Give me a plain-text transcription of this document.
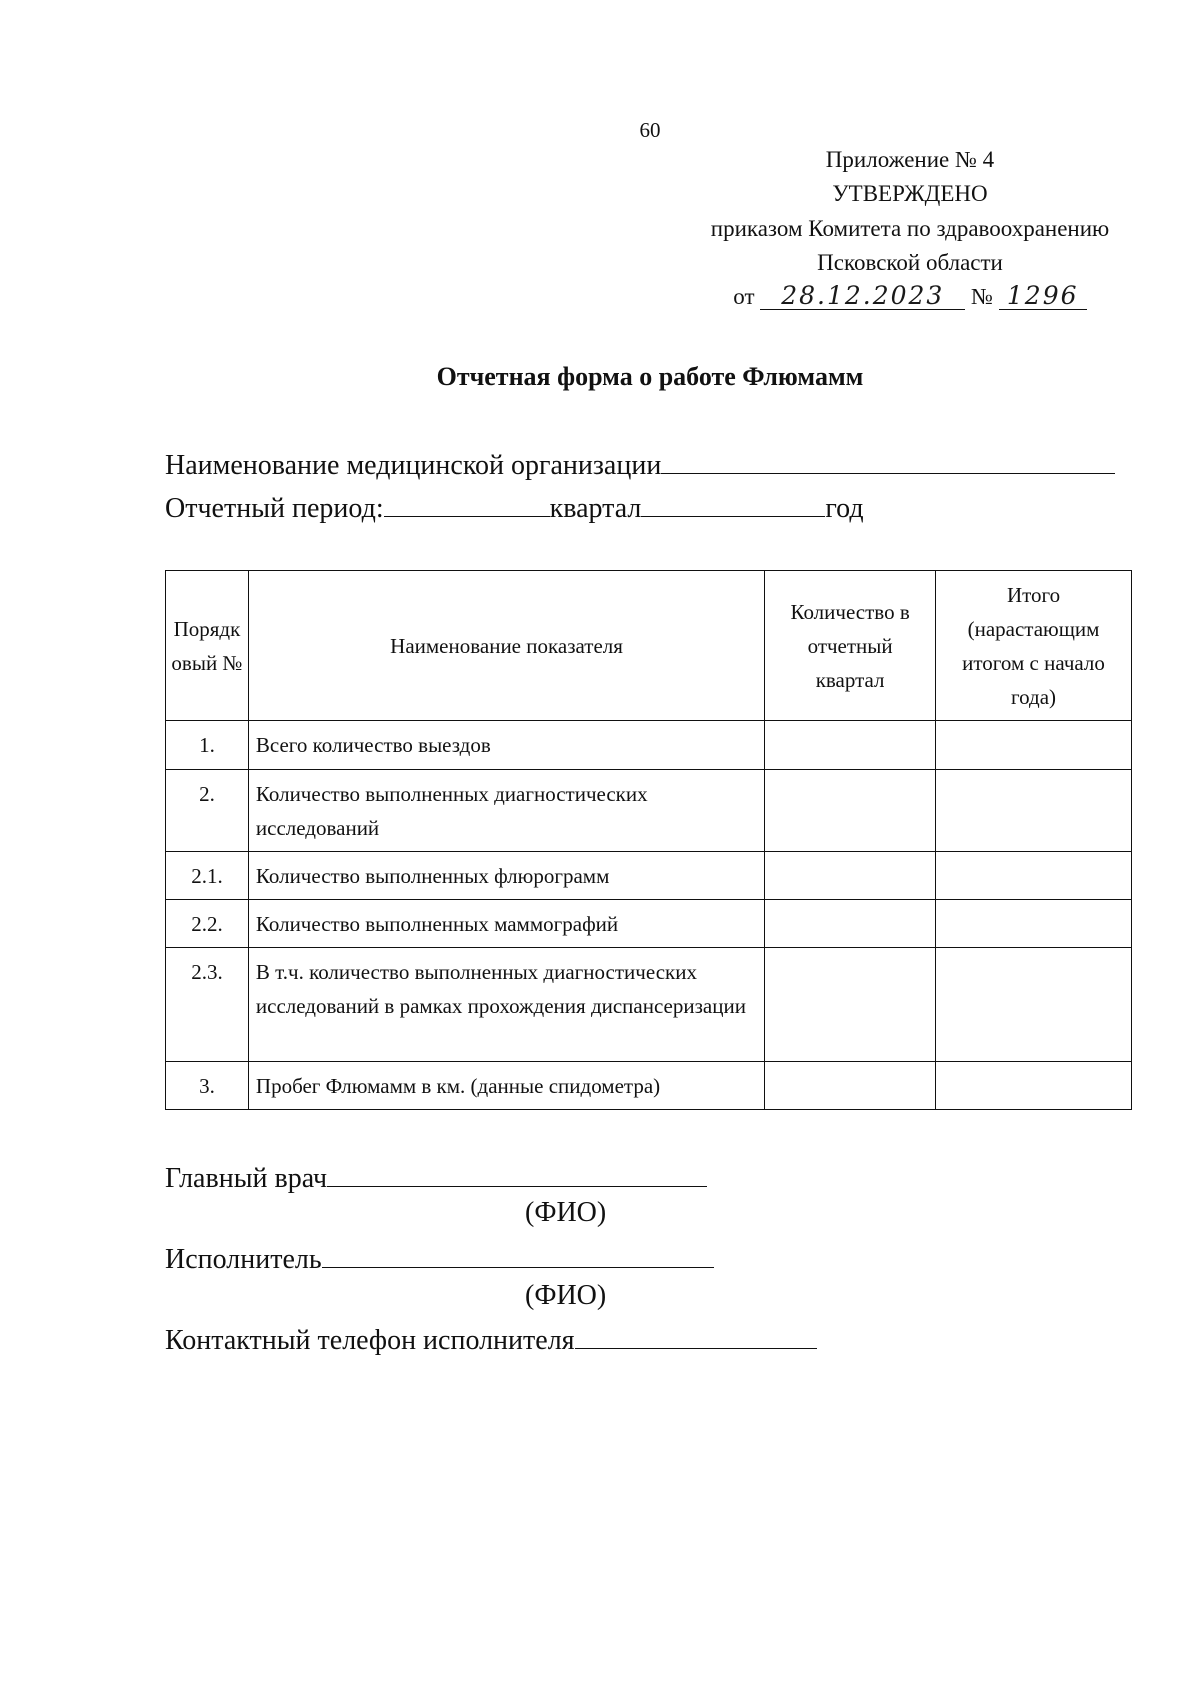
60
Приложение № 4
УТВЕРЖДЕНО
приказом Комитета по здравоохранению
Псковской области
от 28.12.2023 № 1296
Отчетная форма о работе Флюмамм
Наименование медицинской организации
Отчетный период:	квартал	год
Порядковый №	Наименование показателя	Количество в отчетный квартал	Итого (нарастающим итогом с начало года)
1.	Всего количество выездов		
2.	Количество выполненных диагностических исследований		
2.1.	Количество выполненных флюрограмм		
2.2.	Количество выполненных маммографий		
2.3.	В т.ч. количество выполненных диагностических исследований в рамках прохождения диспансеризации		
3.	Пробег Флюмамм в км. (данные спидометра)		
Главный врач
(ФИО)
Исполнитель
(ФИО)
Контактный телефон исполнителя
